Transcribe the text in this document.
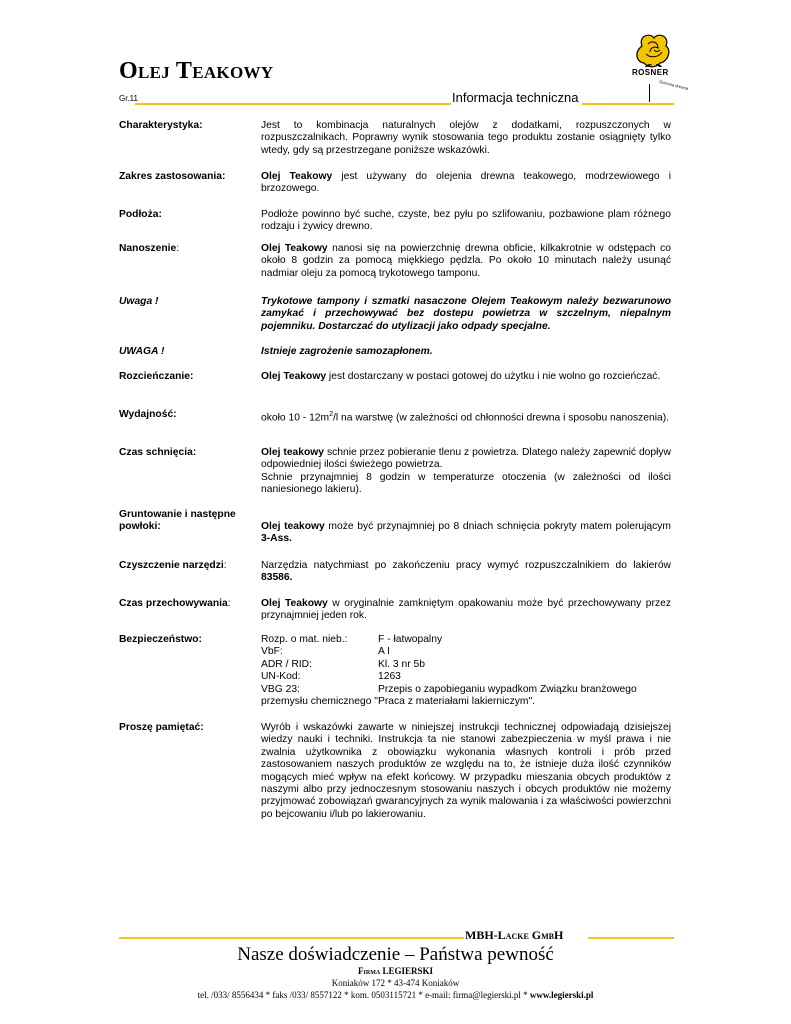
Olej Teakowy
Gr.11	Informacja techniczna
ROSNER
Ochrona drewna
Charakterystyka:	Jest to kombinacja naturalnych olejów z dodatkami, rozpuszczonych w rozpuszczalnikach. Poprawny wynik stosowania tego produktu zostanie osiągnięty tylko wtedy, gdy są przestrzegane poniższe wskazówki.
Zakres zastosowania:	Olej Teakowy jest używany do olejenia drewna teakowego, modrzewiowego i brzozowego.
Podłoża:	Podłoże powinno być suche, czyste, bez pyłu po szlifowaniu, pozbawione plam różnego rodzaju i żywicy drewno.
Nanoszenie:	Olej Teakowy nanosi się na powierzchnię drewna obficie, kilkakrotnie w odstępach co około 8 godzin za pomocą miękkiego pędzla. Po około 10 minutach należy usunąć nadmiar oleju za pomocą trykotowego tamponu.
Uwaga !	Trykotowe tampony i szmatki nasaczone Olejem Teakowym należy bezwarunowo zamykać i przechowywać bez dostepu powietrza w szczelnym, niepalnym pojemniku. Dostarczać do utylizacji jako odpady specjalne.
UWAGA !	Istnieje zagrożenie samozapłonem.
Rozcieńczanie:	Olej Teakowy jest dostarczany w postaci gotowej do użytku i nie wolno go rozcieńczać.
Wydajność:	około $10 - 12m^2/l$ na warstwę (w zależności od chłonności drewna i sposobu nanoszenia).
Czas schnięcia:	Olej teakowy schnie przez pobieranie tlenu z powietrza. Dlatego należy zapewnić dopływ odpowiedniej ilości świeżego powietrza.
Schnie przynajmniej 8 godzin w temperaturze otoczenia (w zależności od ilości naniesionego lakieru).
Gruntowanie i następne powłoki:	Olej teakowy może być przynajmniej po 8 dniach schnięcia pokryty matem polerującym 3-Ass.
Czyszczenie narzędzi:	Narzędzia natychmiast po zakończeniu pracy wymyć rozpuszczalnikiem do lakierów 83586.
Czas przechowywania:	Olej Teakowy w oryginalnie zamkniętym opakowaniu może być przechowywany przez przynajmniej jeden rok.
Bezpieczeństwo:	Rozp. o mat. nieb.:	F - łatwopalny
VbF:	A I
ADR / RID:	Kl. 3 nr 5b
UN-Kod:	1263
VBG 23:	Przepis o zapobieganiu wypadkom Związku branżowego
przemysłu chemicznego "Praca z materiałami lakierniczym".
Proszę pamiętać:	Wyrób i wskazówki zawarte w niniejszej instrukcji technicznej odpowiadają dzisiejszej wiedzy nauki i techniki. Instrukcja ta nie stanowi zabezpieczenia w myśl prawa i nie zwalnia użytkownika z obowiązku wykonania własnych kontroli i prób przed zastosowaniem naszych produktów ze względu na to, że istnieje duża ilość czynników mogących mieć wpływ na efekt końcowy. W przypadku mieszania obcych produktów z naszymi albo przy jednoczesnym stosowaniu naszych i obcych produktów nie możemy przyjmować zobowiązań gwarancyjnych za wynik malowania i za właściwości powierzchni po bejcowaniu i/lub po lakierowaniu.
MBH-Lacke GmbH
Nasze doświadczenie – Państwa pewność
Firma LEGIERSKI
Koniaków 172 * 43-474 Koniaków
tel. /033/ 8556434 * faks /033/ 8557122 * kom. 0503115721 * e-mail: firma@legierski.pl * www.legierski.pl
